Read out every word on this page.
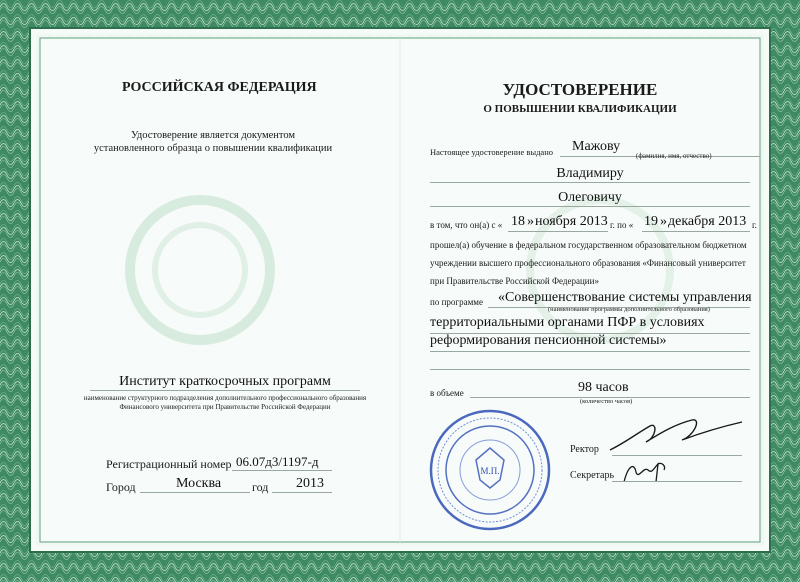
РОССИЙСКАЯ ФЕДЕРАЦИЯ
Удостоверение является документом
установленного образца о повышении квалификации
Институт краткосрочных программ
наименование структурного подразделения дополнительного профессионального образования
Финансового университета при Правительстве Российской Федерации
Регистрационный номер 06.07д3/1197-д
Город	Москва	год 2013
УДОСТОВЕРЕНИЕ
О ПОВЫШЕНИИ КВАЛИФИКАЦИИ
Настоящее удостоверение выдано Мажову
(фамилия, имя, отчество)
Владимиру
Олеговичу
в том, что он(а) с « 18 » ноября 2013 г. по « 19 » декабря 2013 г.
прошел(а) обучение в федеральном государственном образовательном бюджетном
учреждении высшего профессионального образования «Финансовый университет
при Правительстве Российской Федерации»
по программе «Совершенствование системы управления
(наименование программы дополнительного образования)
территориальными органами ПФР в условиях
реформирования пенсионной системы»
в объеме	98 часов
(количество часов)
М.П.
Ректор
Секретарь
